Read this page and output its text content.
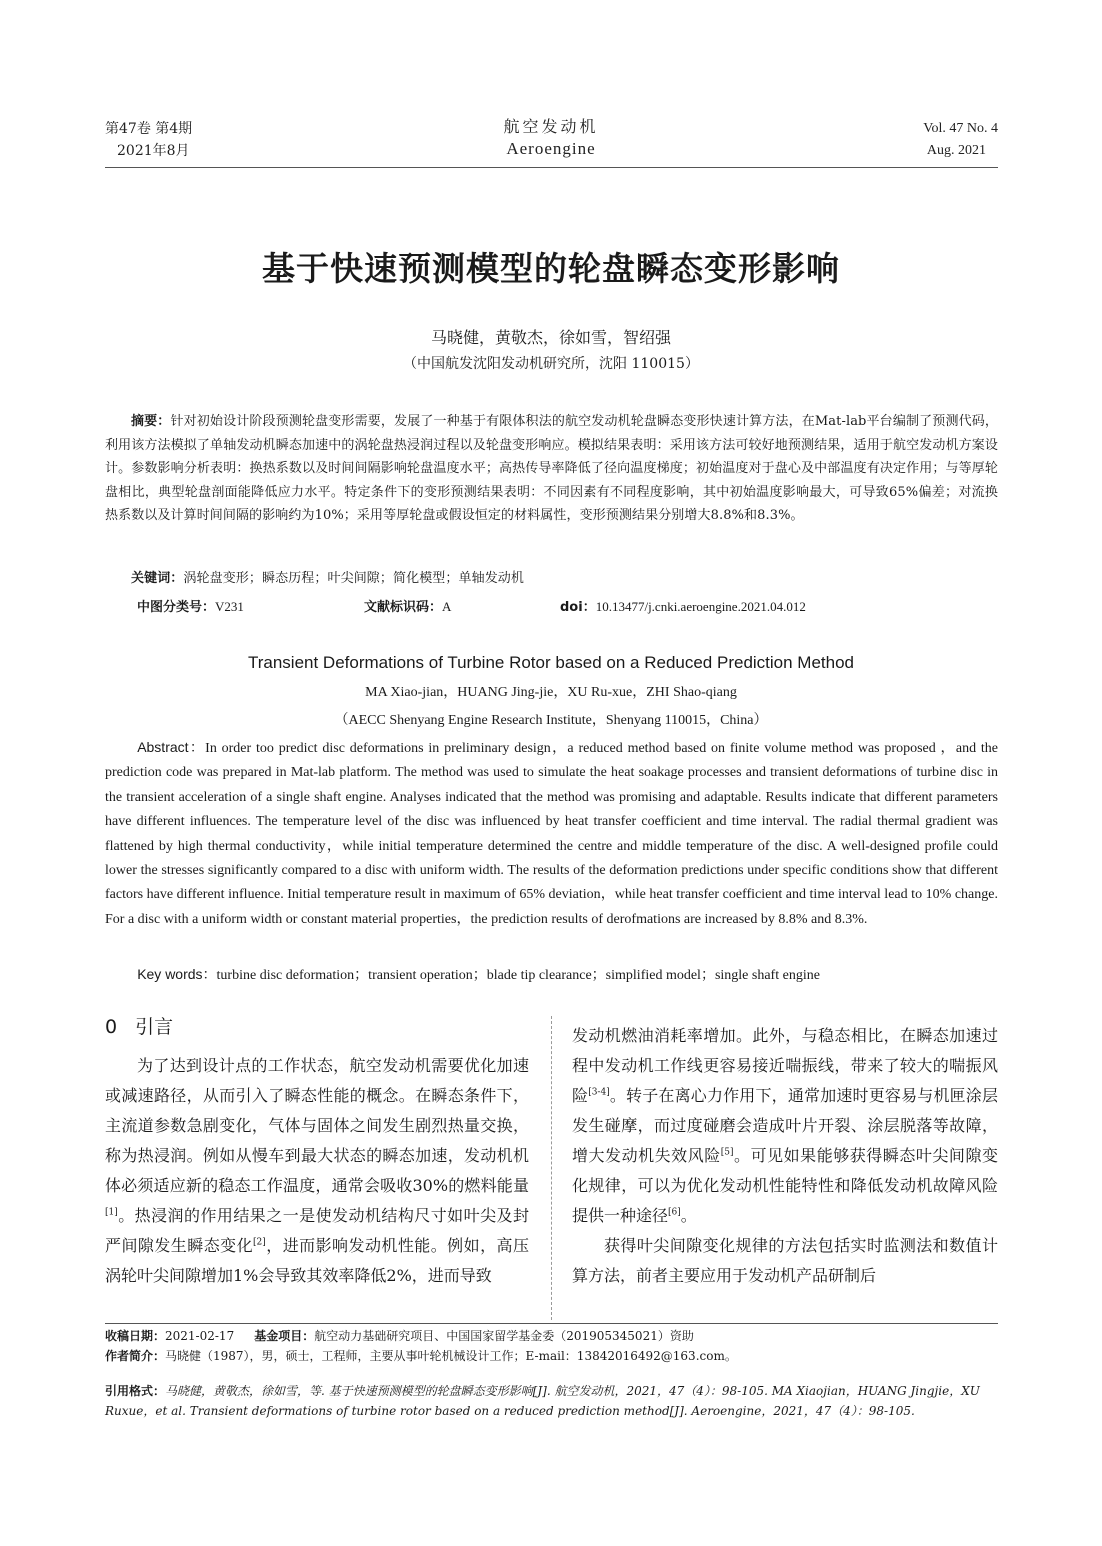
第47卷 第4期
2021年8月
航空发动机
Aeroengine
Vol. 47 No. 4
Aug. 2021
基于快速预测模型的轮盘瞬态变形影响
马晓健，黄敬杰，徐如雪，智绍强
（中国航发沈阳发动机研究所，沈阳 110015）
摘要：针对初始设计阶段预测轮盘变形需要，发展了一种基于有限体积法的航空发动机轮盘瞬态变形快速计算方法，在Mat-lab平台编制了预测代码，利用该方法模拟了单轴发动机瞬态加速中的涡轮盘热浸润过程以及轮盘变形响应。模拟结果表明：采用该方法可较好地预测结果，适用于航空发动机方案设计。参数影响分析表明：换热系数以及时间间隔影响轮盘温度水平；高热传导率降低了径向温度梯度；初始温度对于盘心及中部温度有决定作用；与等厚轮盘相比，典型轮盘剖面能降低应力水平。特定条件下的变形预测结果表明：不同因素有不同程度影响，其中初始温度影响最大，可导致65%偏差；对流换热系数以及计算时间间隔的影响约为10%；采用等厚轮盘或假设恒定的材料属性，变形预测结果分别增大8.8%和8.3%。
关键词：涡轮盘变形；瞬态历程；叶尖间隙；简化模型；单轴发动机
中图分类号：V231	文献标识码：A	doi：10.13477/j.cnki.aeroengine.2021.04.012
Transient Deformations of Turbine Rotor based on a Reduced Prediction Method
MA Xiao-jian，HUANG Jing-jie，XU Ru-xue，ZHI Shao-qiang
（AECC Shenyang Engine Research Institute，Shenyang 110015，China）
Abstract：In order too predict disc deformations in preliminary design，a reduced method based on finite volume method was proposed ，and the prediction code was prepared in Mat-lab platform. The method was used to simulate the heat soakage processes and transient deformations of turbine disc in the transient acceleration of a single shaft engine. Analyses indicated that the method was promising and adaptable. Results indicate that different parameters have different influences. The temperature level of the disc was influenced by heat transfer coefficient and time interval. The radial thermal gradient was flattened by high thermal conductivity，while initial temperature determined the centre and middle temperature of the disc. A well-designed profile could lower the stresses significantly compared to a disc with uniform width. The results of the deformation predictions under specific conditions show that different factors have different influence. Initial temperature result in maximum of 65% deviation，while heat transfer coefficient and time interval lead to 10% change. For a disc with a uniform width or constant material properties，the prediction results of derofmations are increased by 8.8% and 8.3%.
Key words：turbine disc deformation；transient operation；blade tip clearance；simplified model；single shaft engine
0 引言

为了达到设计点的工作状态，航空发动机需要优化加速或减速路径，从而引入了瞬态性能的概念。在瞬态条件下，主流道参数急剧变化，气体与固体之间发生剧烈热量交换，称为热浸润。例如从慢车到最大状态的瞬态加速，发动机机体必须适应新的稳态工作温度，通常会吸收30%的燃料能量[1]。热浸润的作用结果之一是使发动机结构尺寸如叶尖及封严间隙发生瞬态变化[2]，进而影响发动机性能。例如，高压涡轮叶尖间隙增加1%会导致其效率降低2%，进而导致

发动机燃油消耗率增加。此外，与稳态相比，在瞬态加速过程中发动机工作线更容易接近喘振线，带来了较大的喘振风险[3-4]。转子在离心力作用下，通常加速时更容易与机匣涂层发生碰摩，而过度碰磨会造成叶片开裂、涂层脱落等故障，增大发动机失效风险[5]。可见如果能够获得瞬态叶尖间隙变化规律，可以为优化发动机性能特性和降低发动机故障风险提供一种途径[6]。

获得叶尖间隙变化规律的方法包括实时监测法和数值计算方法，前者主要应用于发动机产品研制后

收稿日期：2021-02-17 基金项目：航空动力基础研究项目、中国国家留学基金委（201905345021）资助
作者简介：马晓健（1987），男，硕士，工程师，主要从事叶轮机械设计工作；E-mail：13842016492@163.com。
引用格式：马晓健，黄敬杰，徐如雪，等. 基于快速预测模型的轮盘瞬态变形影响[J]. 航空发动机，2021，47（4）：98-105. MA Xiaojian，HUANG Jingjie，XU Ruxue，et al. Transient deformations of turbine rotor based on a reduced prediction method[J]. Aeroengine，2021，47（4）：98-105.
